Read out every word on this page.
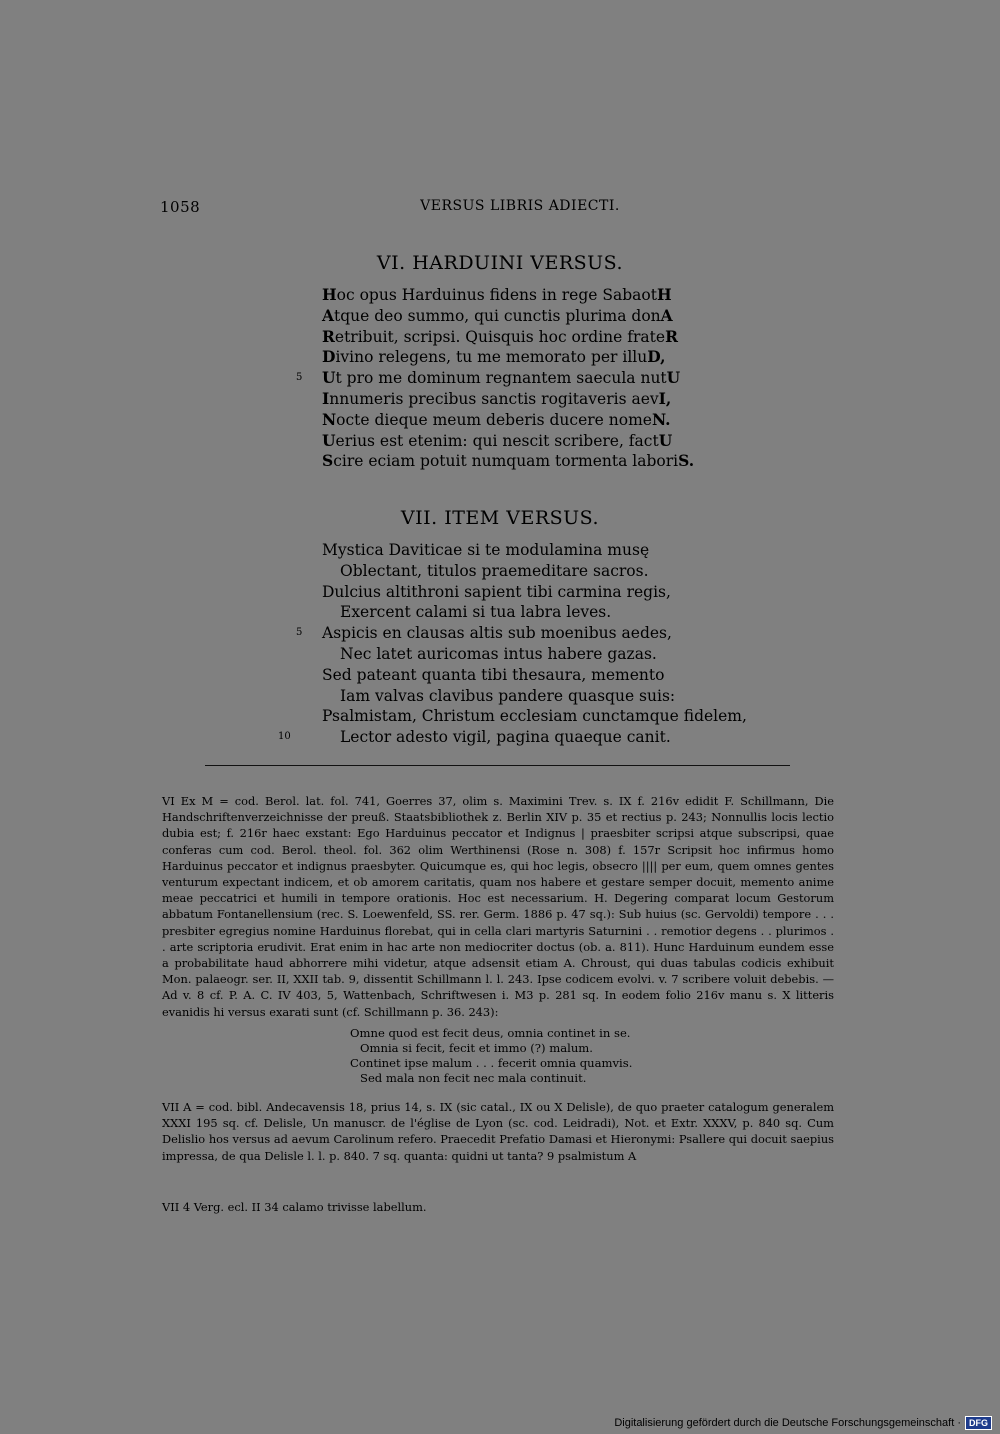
1058	VERSUS LIBRIS ADIECTI.
VI. HARDUINI VERSUS.
Hoc opus Harduinus fidens in rege SabaotH
Atque deo summo, qui cunctis plurima donA
Retribuit, scripsi. Quisquis hoc ordine frateR
Divino relegens, tu me memorato per illuD,
5 Ut pro me dominum regnantem saecula nutU
Innumeris precibus sanctis rogitaveris aevI,
Nocte dieque meum deberis ducere nomeN.
Uerius est etenim: qui nescit scribere, factU
Scire eciam potuit numquam tormenta laboriS.
VII. ITEM VERSUS.
Mystica Daviticae si te modulamina musę
Oblectant, titulos praemeditare sacros.
Dulcius altithroni sapient tibi carmina regis,
Exercent calami si tua labra leves.
5 Aspicis en clausas altis sub moenibus aedes,
Nec latet auricomas intus habere gazas.
Sed pateant quanta tibi thesaura, memento
Iam valvas clavibus pandere quasque suis:
Psalmistam, Christum ecclesiam cunctamque fidelem,
10	Lector adesto vigil, pagina quaeque canit.

VI Ex M = cod. Berol. lat. fol. 741, Goerres 37, olim s. Maximini Trev. s. IX f. 216v edidit F. Schillmann, Die Handschriftenverzeichnisse der preuß. Staatsbibliothek z. Berlin XIV p. 35 et rectius p. 243; Nonnullis locis lectio dubia est; f. 216r haec exstant: Ego Harduinus peccator et Indignus | praesbiter scripsi atque subscripsi, quae conferas cum cod. Berol. theol. fol. 362 olim Werthinensi (Rose n. 308) f. 157r Scripsit hoc infirmus homo Harduinus peccator et indignus praesbyter. Quicumque es, qui hoc legis, obsecro |||| per eum, quem omnes gentes venturum expectant indicem, et ob amorem caritatis, quam nos habere et gestare semper docuit, memento anime meae peccatrici et humili in tempore orationis. Hoc est necessarium. H. Degering comparat locum Gestorum abbatum Fontanellensium (rec. S. Loewenfeld, SS. rer. Germ. 1886 p. 47 sq.): Sub huius (sc. Gervoldi) tempore . . . presbiter egregius nomine Harduinus florebat, qui in cella clari martyris Saturnini . . remotior degens . . plurimos . . arte scriptoria erudivit. Erat enim in hac arte non mediocriter doctus (ob. a. 811). Hunc Harduinum eundem esse a probabilitate haud abhorrere mihi videtur, atque adsensit etiam A. Chroust, qui duas tabulas codicis exhibuit Mon. palaeogr. ser. II, XXII tab. 9, dissentit Schillmann l. l. 243. Ipse codicem evolvi. v. 7 scribere voluit debebis. — Ad v. 8 cf. P. A. C. IV 403, 5, Wattenbach, Schriftwesen i. M3 p. 281 sq. In eodem folio 216v manu s. X litteris evanidis hi versus exarati sunt (cf. Schillmann p. 36. 243):

Omne quod est fecit deus, omnia continet in se.
Omnia si fecit, fecit et immo (?) malum.
Continet ipse malum . . . fecerit omnia quamvis.
Sed mala non fecit nec mala continuit.

VII A = cod. bibl. Andecavensis 18, prius 14, s. IX (sic catal., IX ou X Delisle), de quo praeter catalogum generalem XXXI 195 sq. cf. Delisle, Un manuscr. de l'église de Lyon (sc. cod. Leidradi), Not. et Extr. XXXV, p. 840 sq. Cum Delislio hos versus ad aevum Carolinum refero. Praecedit Prefatio Damasi et Hieronymi: Psallere qui docuit saepius impressa, de qua Delisle l. l. p. 840. 7 sq. quanta: quidni ut tanta? 9 psalmistum A

VII 4 Verg. ecl. II 34 calamo trivisse labellum.

Digitalisierung gefördert durch die Deutsche Forschungsgemeinschaft · DFG
